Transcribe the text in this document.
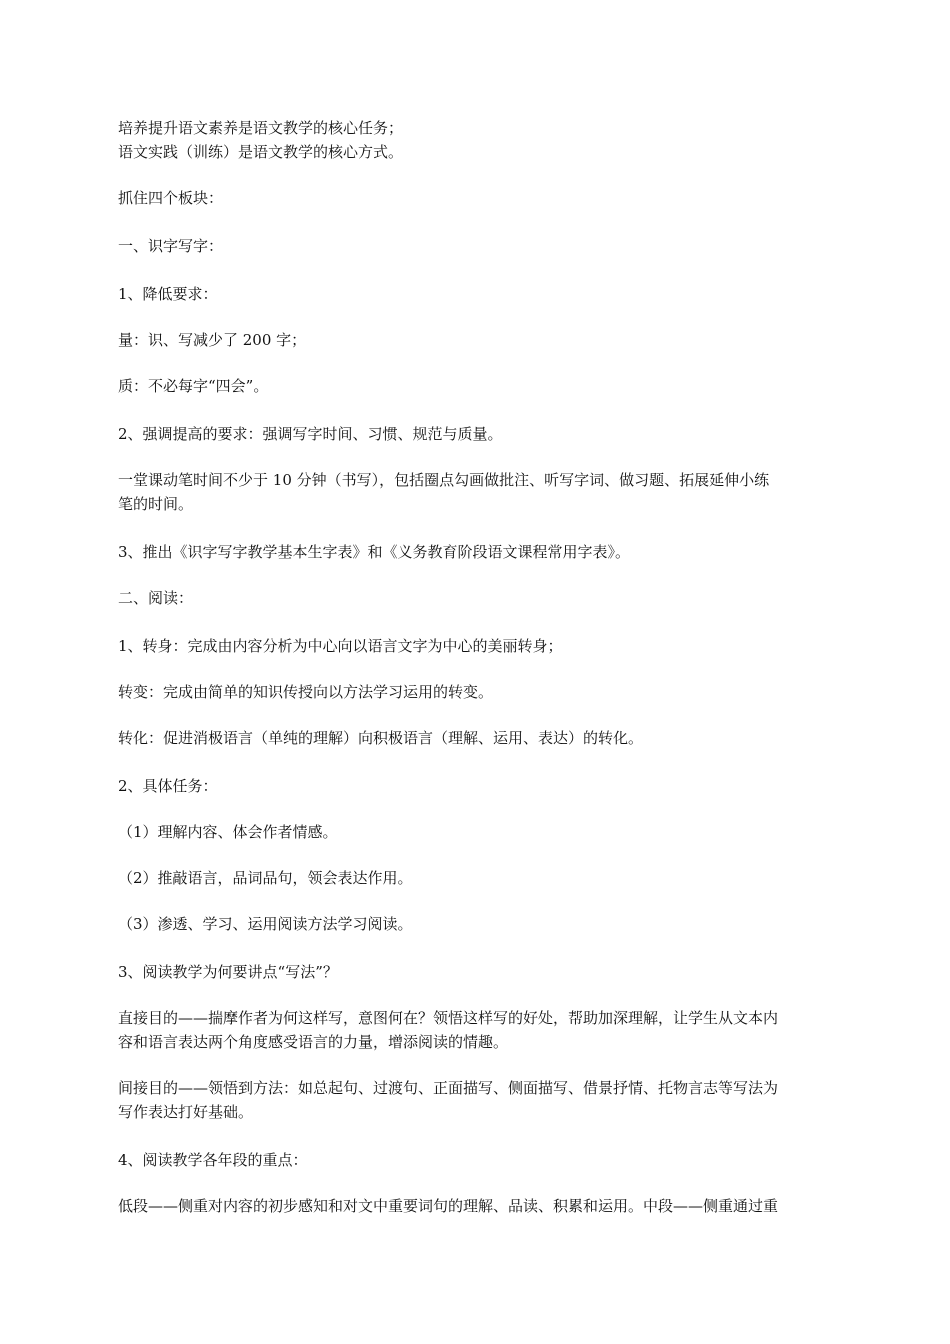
培养提升语文素养是语文教学的核心任务；
语文实践（训练）是语文教学的核心方式。
抓住四个板块：
一、识字写字：
1、降低要求：
量：识、写减少了 200 字；
质：不必每字“四会”。
2、强调提高的要求：强调写字时间、习惯、规范与质量。
一堂课动笔时间不少于 10 分钟（书写），包括圈点勾画做批注、听写字词、做习题、拓展延伸小练
笔的时间。
3、推出《识字写字教学基本生字表》和《义务教育阶段语文课程常用字表》。
二、阅读：
1、转身：完成由内容分析为中心向以语言文字为中心的美丽转身；
转变：完成由简单的知识传授向以方法学习运用的转变。
转化：促进消极语言（单纯的理解）向积极语言（理解、运用、表达）的转化。
2、具体任务：
（1）理解内容、体会作者情感。
（2）推敲语言，品词品句，领会表达作用。
（3）渗透、学习、运用阅读方法学习阅读。
3、阅读教学为何要讲点“写法”？
直接目的——揣摩作者为何这样写，意图何在？领悟这样写的好处，帮助加深理解，让学生从文本内
容和语言表达两个角度感受语言的力量，增添阅读的情趣。
间接目的——领悟到方法：如总起句、过渡句、正面描写、侧面描写、借景抒情、托物言志等写法为
写作表达打好基础。
4、阅读教学各年段的重点：
低段——侧重对内容的初步感知和对文中重要词句的理解、品读、积累和运用。中段——侧重通过重
